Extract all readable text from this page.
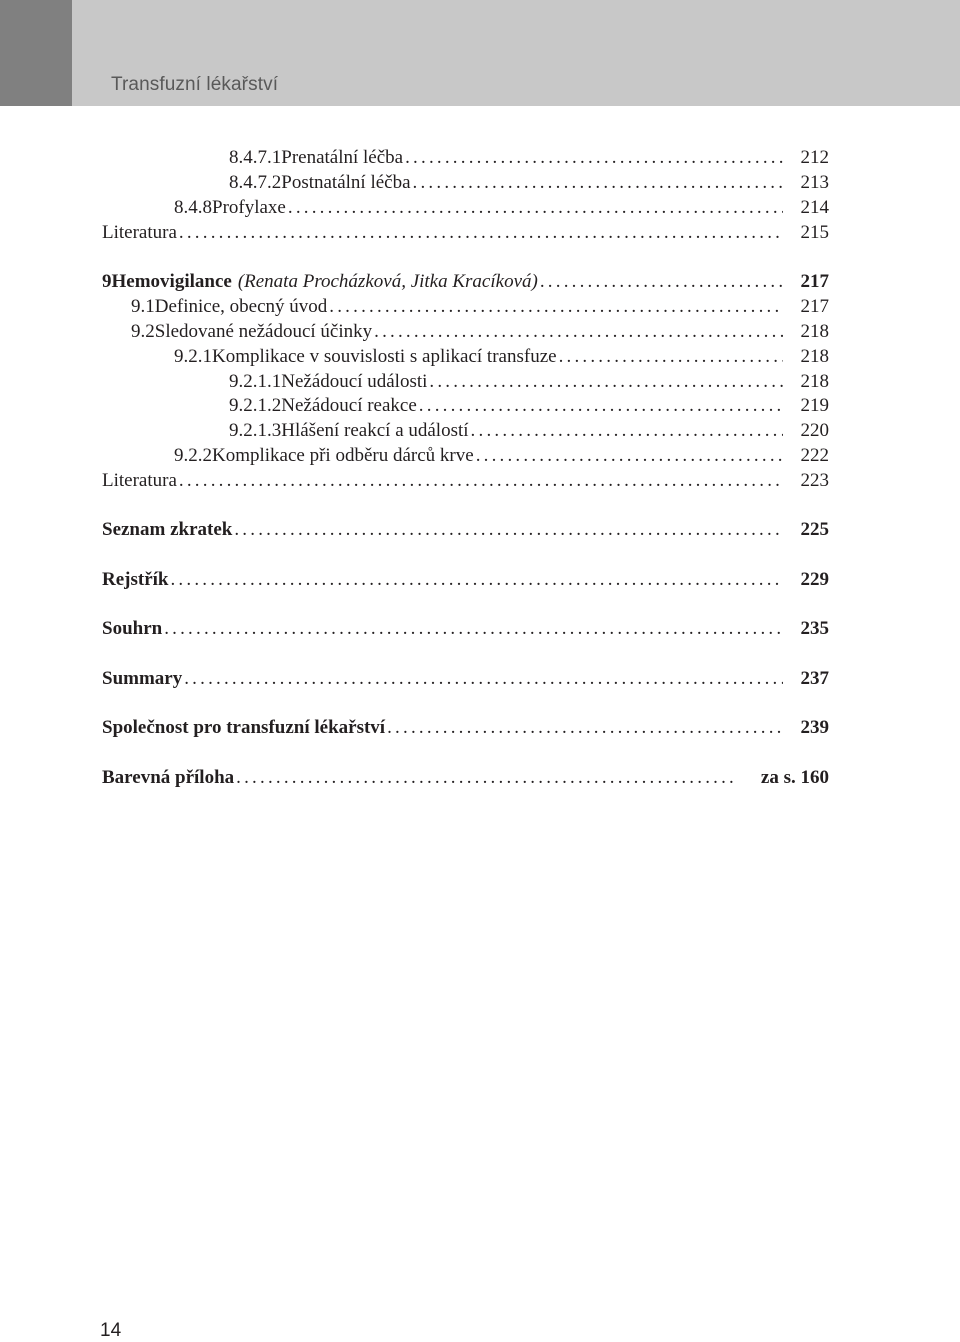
Transfuzní lékařství
8.4.7.1 Prenatální léčba .....	212
8.4.7.2 Postnatální léčba .....	213
8.4.8 Profylaxe .....	214
Literatura .....	215
9 Hemovigilance (Renata Procházková, Jitka Kracíková) .....	217
9.1 Definice, obecný úvod .....	217
9.2 Sledované nežádoucí účinky .....	218
9.2.1 Komplikace v souvislosti s aplikací transfuze .....	218
9.2.1.1 Nežádoucí události .....	218
9.2.1.2 Nežádoucí reakce .....	219
9.2.1.3 Hlášení reakcí a událostí .....	220
9.2.2 Komplikace při odběru dárců krve .....	222
Literatura .....	223
Seznam zkratek .....	225
Rejstřík .....	229
Souhrn .....	235
Summary .....	237
Společnost pro transfuzní lékařství .....	239
Barevná příloha .....	za s. 160
14
